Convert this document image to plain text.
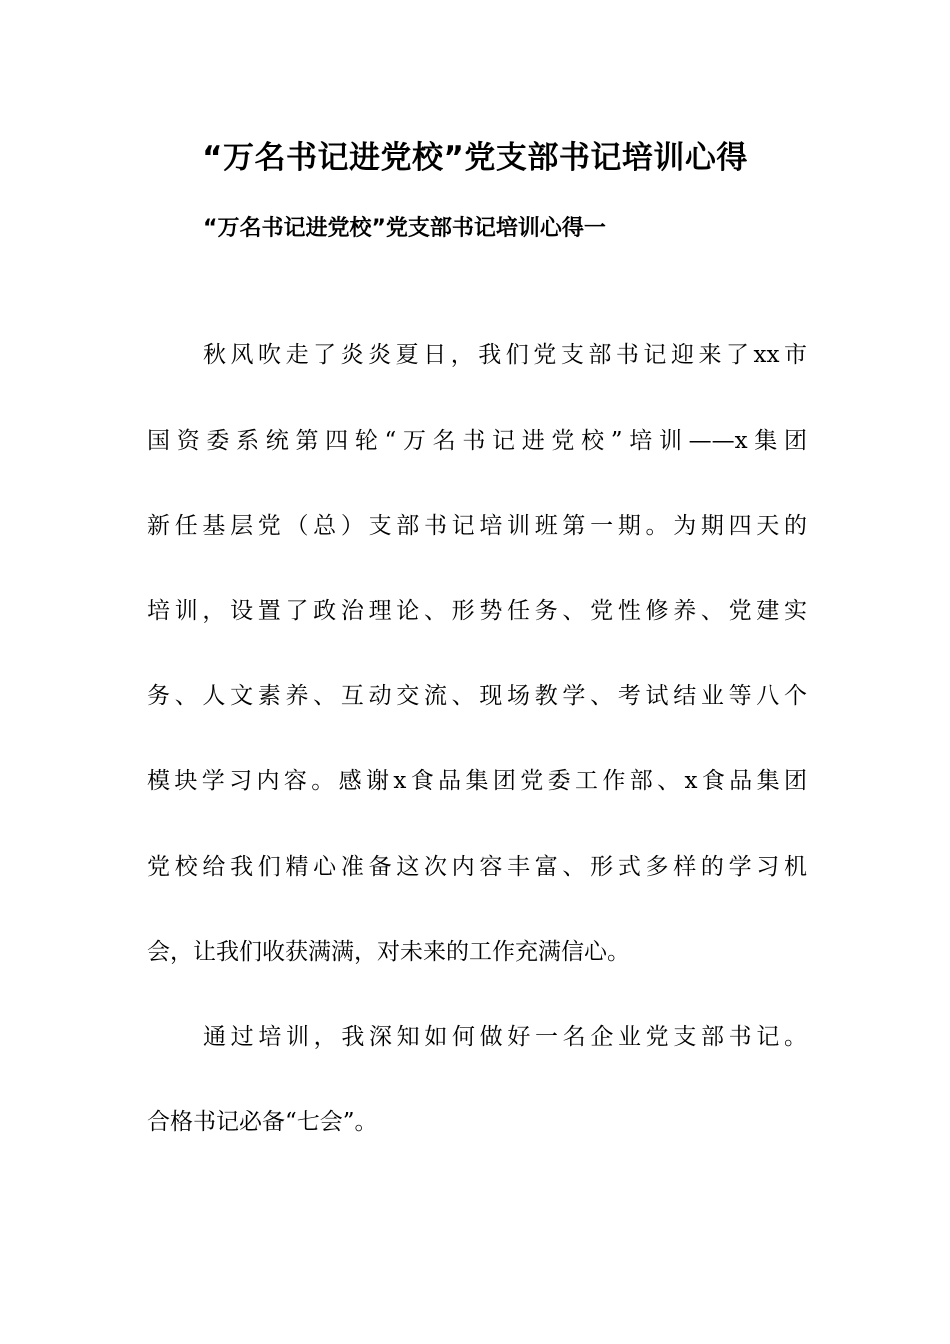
“万名书记进党校”党支部书记培训心得
“万名书记进党校”党支部书记培训心得一
秋风吹走了炎炎夏日，我们党支部书记迎来了xx市
国资委系统第四轮“万名书记进党校”培训——x集团
新任基层党（总）支部书记培训班第一期。为期四天的
培训，设置了政治理论、形势任务、党性修养、党建实
务、人文素养、互动交流、现场教学、考试结业等八个
模块学习内容。感谢x食品集团党委工作部、x食品集团
党校给我们精心准备这次内容丰富、形式多样的学习机
会，让我们收获满满，对未来的工作充满信心。
通过培训，我深知如何做好一名企业党支部书记。
合格书记必备“七会”。
